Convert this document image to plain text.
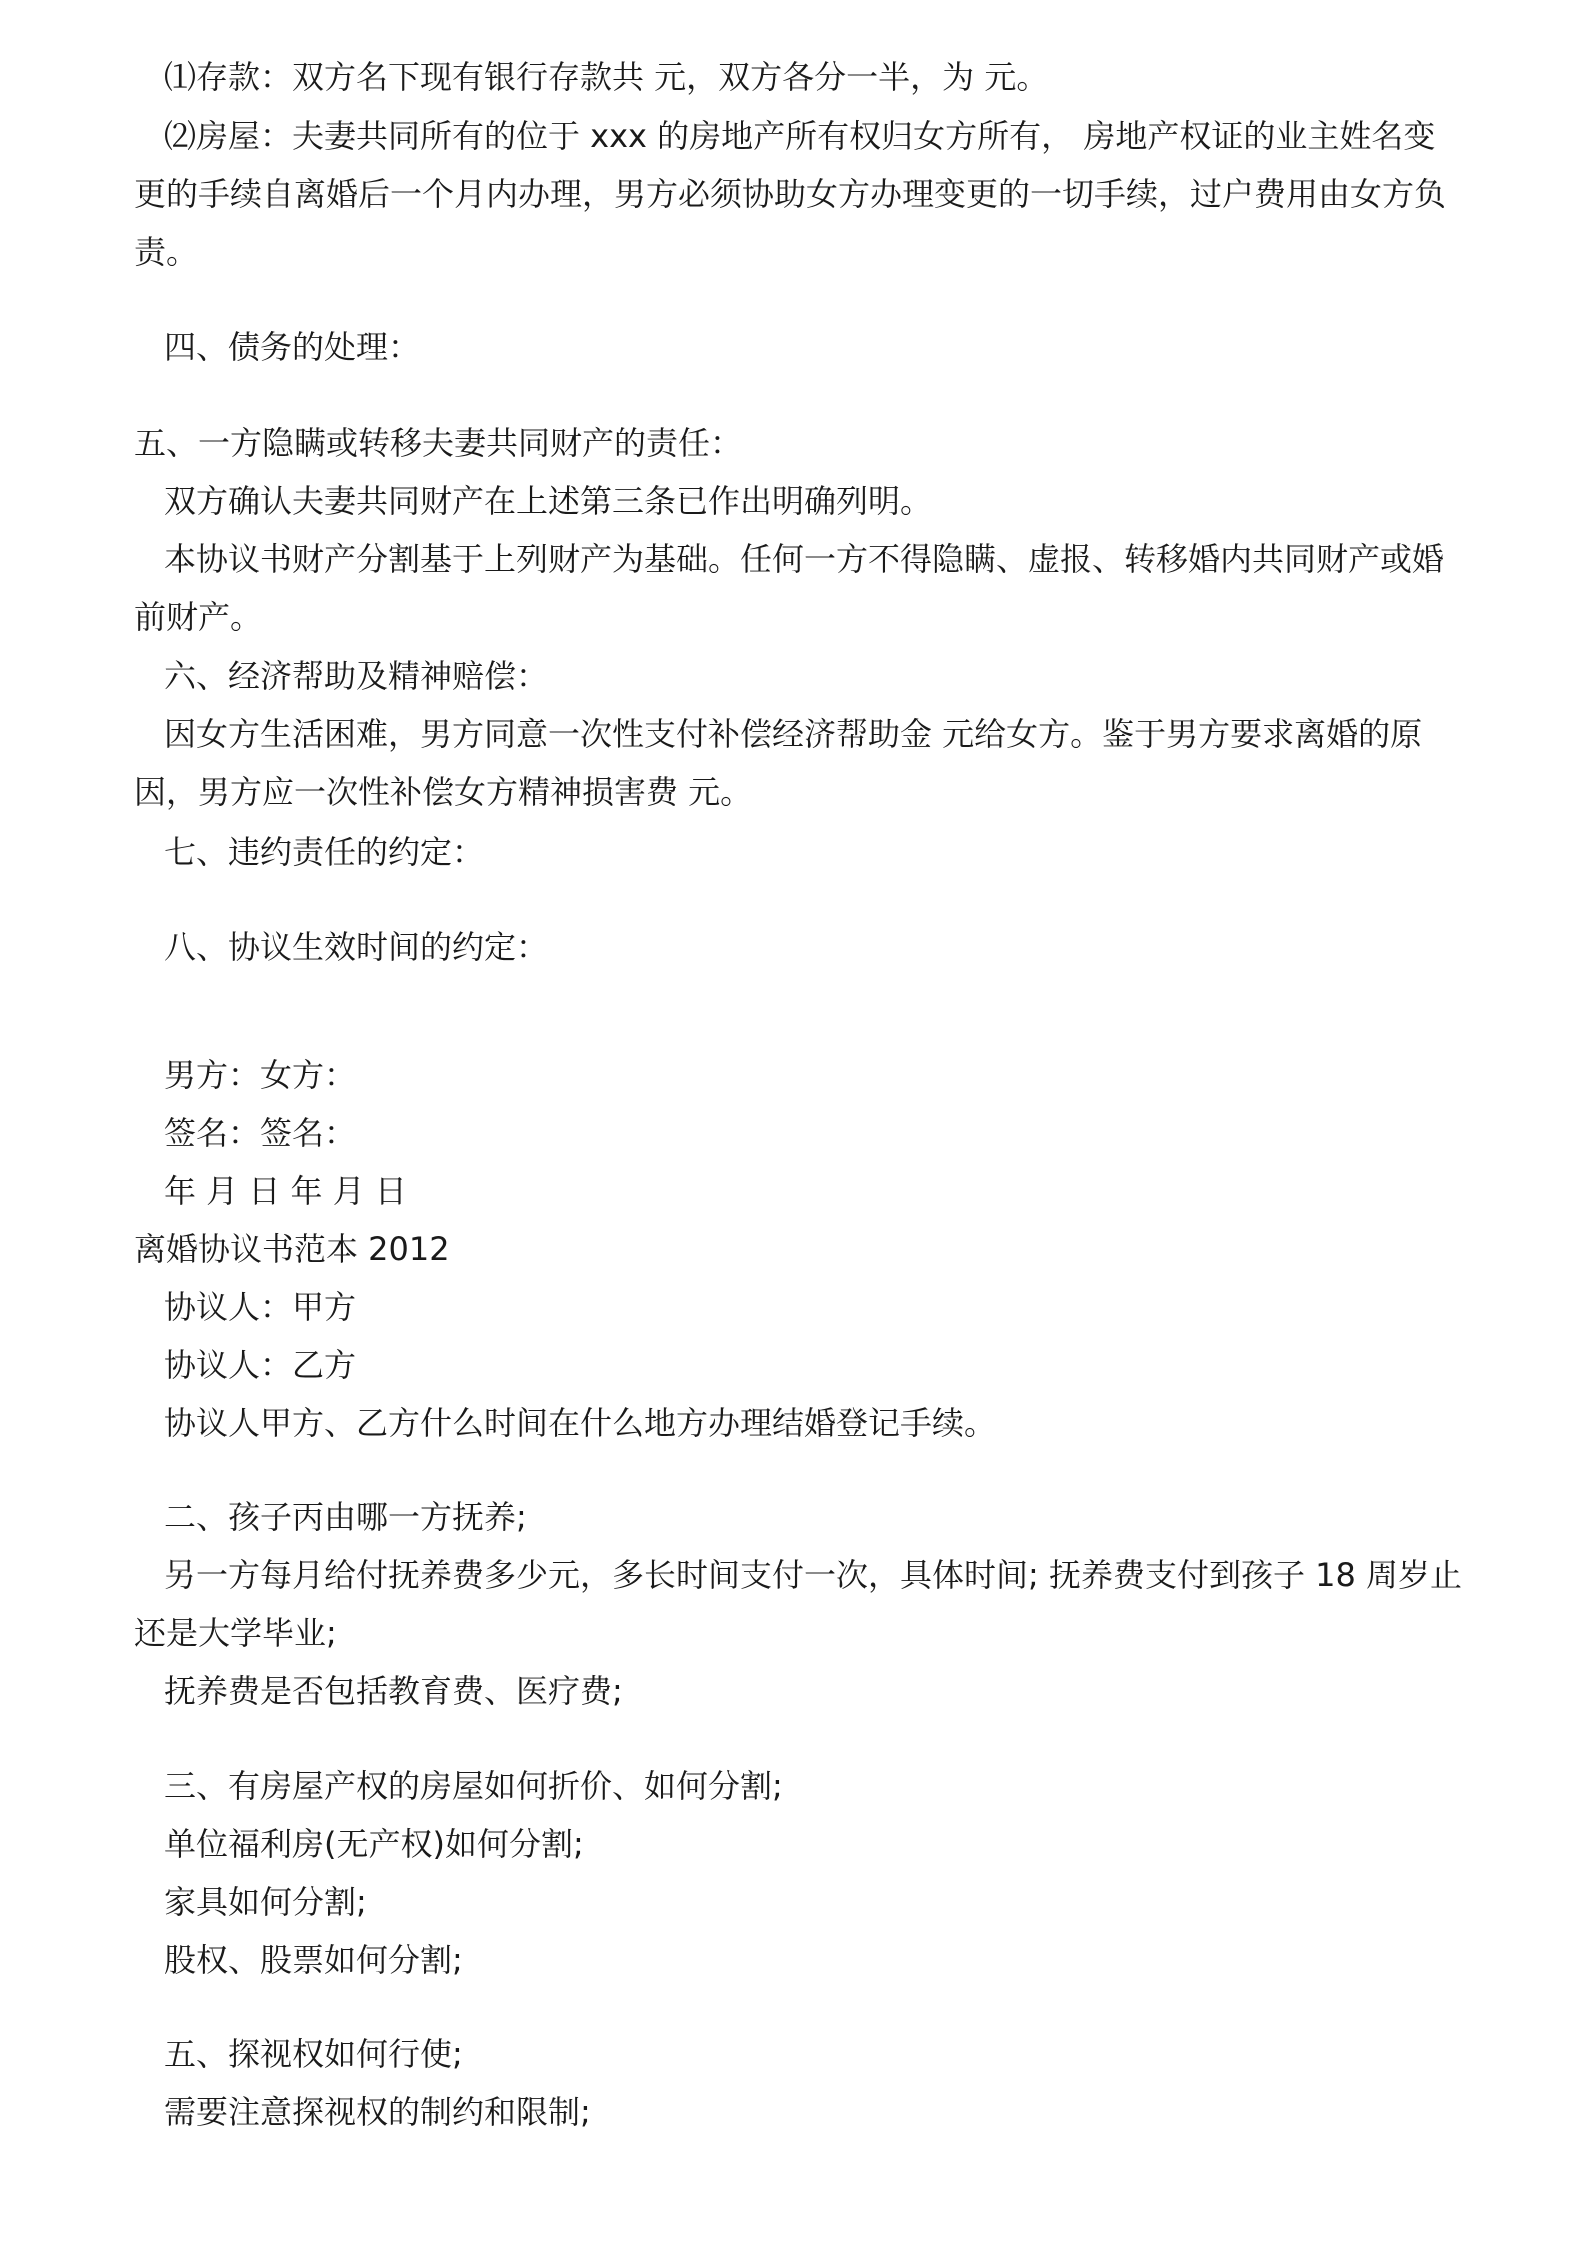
⑴存款：双方名下现有银行存款共 元，双方各分一半，为 元。
⑵房屋：夫妻共同所有的位于 xxx 的房地产所有权归女方所有， 房地产权证的业主姓名变更的手续自离婚后一个月内办理，男方必须协助女方办理变更的一切手续，过户费用由女方负责。
四、债务的处理：
五、一方隐瞒或转移夫妻共同财产的责任：
双方确认夫妻共同财产在上述第三条已作出明确列明。
本协议书财产分割基于上列财产为基础。任何一方不得隐瞒、虚报、转移婚内共同财产或婚前财产。
六、经济帮助及精神赔偿：
因女方生活困难，男方同意一次性支付补偿经济帮助金 元给女方。鉴于男方要求离婚的原因，男方应一次性补偿女方精神损害费 元。
七、违约责任的约定：
八、协议生效时间的约定：
男方：女方：
签名：签名：
年 月 日 年 月 日
离婚协议书范本 2012
协议人：甲方
协议人：乙方
协议人甲方、乙方什么时间在什么地方办理结婚登记手续。
二、孩子丙由哪一方抚养;
另一方每月给付抚养费多少元，多长时间支付一次，具体时间; 抚养费支付到孩子 18 周岁止还是大学毕业;
抚养费是否包括教育费、医疗费;
三、有房屋产权的房屋如何折价、如何分割;
单位福利房(无产权)如何分割;
家具如何分割;
股权、股票如何分割;
五、探视权如何行使;
需要注意探视权的制约和限制;
